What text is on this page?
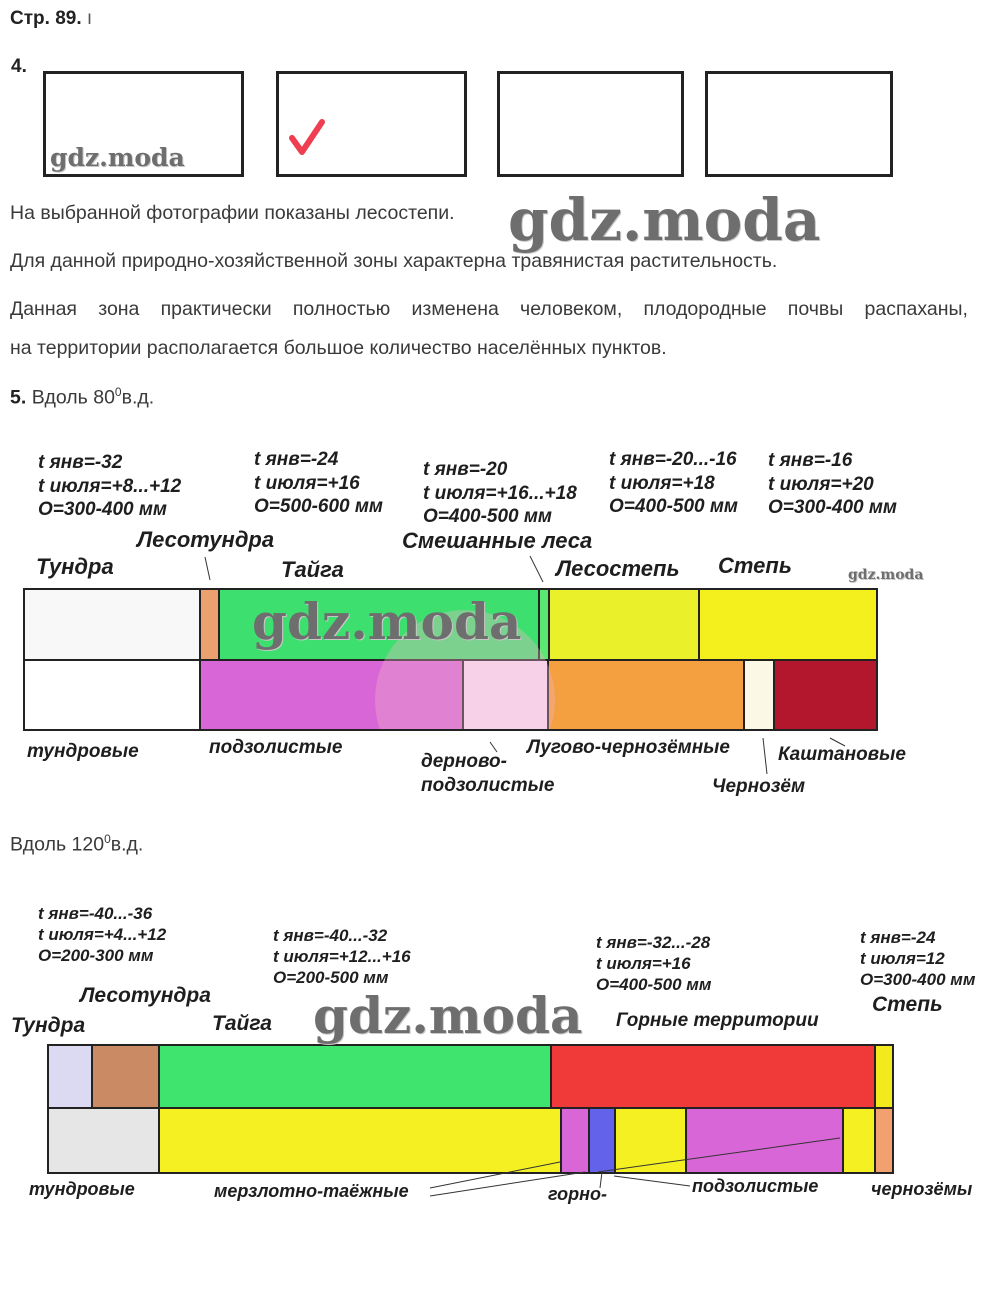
Стр. 89. ı
4.
gdz.moda
На выбранной фотографии показаны лесостепи. gdz.moda
Для данной природно-хозяйственной зоны характерна травянистая растительность.
Данная зона практически полностью изменена человеком, плодородные почвы распаханы,
на территории располагается большое количество населённых пунктов.
5. Вдоль $80^0в.д$.
t янв=-32
t июля=+8...+12
O=300-400 мм
t янв=-24
t июля=+16
O=500-600 мм
t янв=-20
t июля=+16...+18
O=400-500 мм
t янв=-20...-16
t июля=+18
O=400-500 мм
t янв=-16
t июля=+20
O=300-400 мм
Тундра
Лесотундра
Тайга
Смешанные леса
Лесостепь Степь	gdz.moda
gdz.moda
тундровые	подзолистые
дерново-
подзолистые
Лугово-чернозёмные
Чернозём
Каштановые
Вдоль $120^0в.д$.
t янв=-40...-36
t июля=+4...+12
O=200-300 мм
t янв=-40...-32
t июля=+12...+16
O=200-500 мм
t янв=-32...-28
t июля=+16
O=400-500 мм
t янв=-24
t июля=12
O=300-400 мм
Тундра
Лесотундра
Тайга	Горные территории
Степь
gdz.moda
тундровые	мерзлотно-таёжные	горно-	подзолистые	чернозёмы
